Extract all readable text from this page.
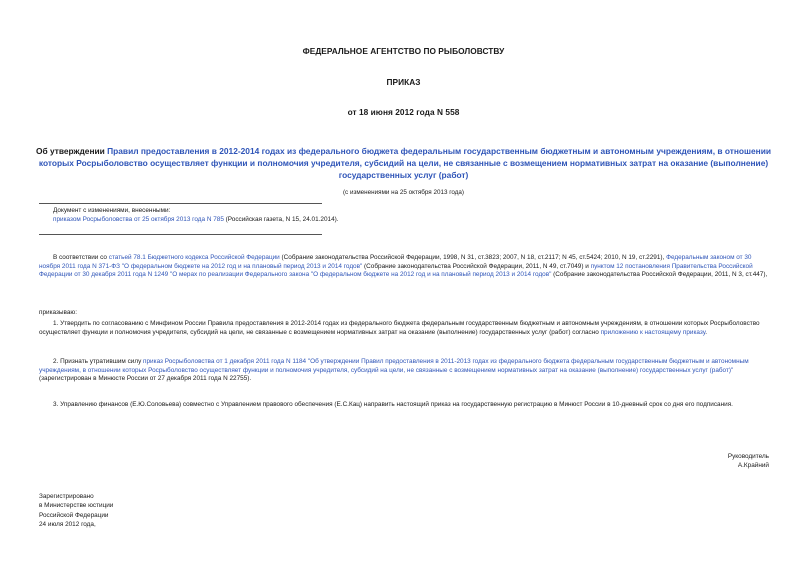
ФЕДЕРАЛЬНОЕ АГЕНТСТВО ПО РЫБОЛОВСТВУ
ПРИКАЗ
от 18 июня 2012 года N 558
Об утверждении Правил предоставления в 2012-2014 годах из федерального бюджета федеральным государственным бюджетным и автономным учреждениям, в отношении которых Росрыболовство осуществляет функции и полномочия учредителя, субсидий на цели, не связанные с возмещением нормативных затрат на оказание (выполнение) государственных услуг (работ)
(с изменениями на 25 октября 2013 года)
Документ с изменениями, внесенными:
приказом Росрыболовства от 25 октября 2013 года N 785 (Российская газета, N 15, 24.01.2014).
В соответствии со статьей 78.1 Бюджетного кодекса Российской Федерации (Собрание законодательства Российской Федерации, 1998, N 31, ст.3823; 2007, N 18, ст.2117; N 45, ст.5424; 2010, N 19, ст.2291), Федеральным законом от 30 ноября 2011 года N 371-ФЗ "О федеральном бюджете на 2012 год и на плановый период 2013 и 2014 годов" (Собрание законодательства Российской Федерации, 2011, N 49, ст.7049) и пунктом 12 постановления Правительства Российской Федерации от 30 декабря 2011 года N 1249 "О мерах по реализации Федерального закона "О федеральном бюджете на 2012 год и на плановый период 2013 и 2014 годов" (Собрание законодательства Российской Федерации, 2011, N 3, ст.447),
приказываю:
1. Утвердить по согласованию с Минфином России Правила предоставления в 2012-2014 годах из федерального бюджета федеральным государственным бюджетным и автономным учреждениям, в отношении которых Росрыболовство осуществляет функции и полномочия учредителя, субсидий на цели, не связанные с возмещением нормативных затрат на оказание (выполнение) государственных услуг (работ) согласно приложению к настоящему приказу.
2. Признать утратившим силу приказ Росрыболовства от 1 декабря 2011 года N 1184 "Об утверждении Правил предоставления в 2011-2013 годах из федерального бюджета федеральным государственным бюджетным и автономным учреждениям, в отношении которых Росрыболовство осуществляет функции и полномочия учредителя, субсидий на цели, не связанные с возмещением нормативных затрат на оказание (выполнение) государственных услуг (работ)" (зарегистрирован в Минюсте России от 27 декабря 2011 года N 22755).
3. Управлению финансов (Е.Ю.Соловьева) совместно с Управлением правового обеспечения (Е.С.Кац) направить настоящий приказ на государственную регистрацию в Минюст России в 10-дневный срок со дня его подписания.
Руководитель
А.Крайний
Зарегистрировано
в Министерстве юстиции
Российской Федерации
24 июля 2012 года,
